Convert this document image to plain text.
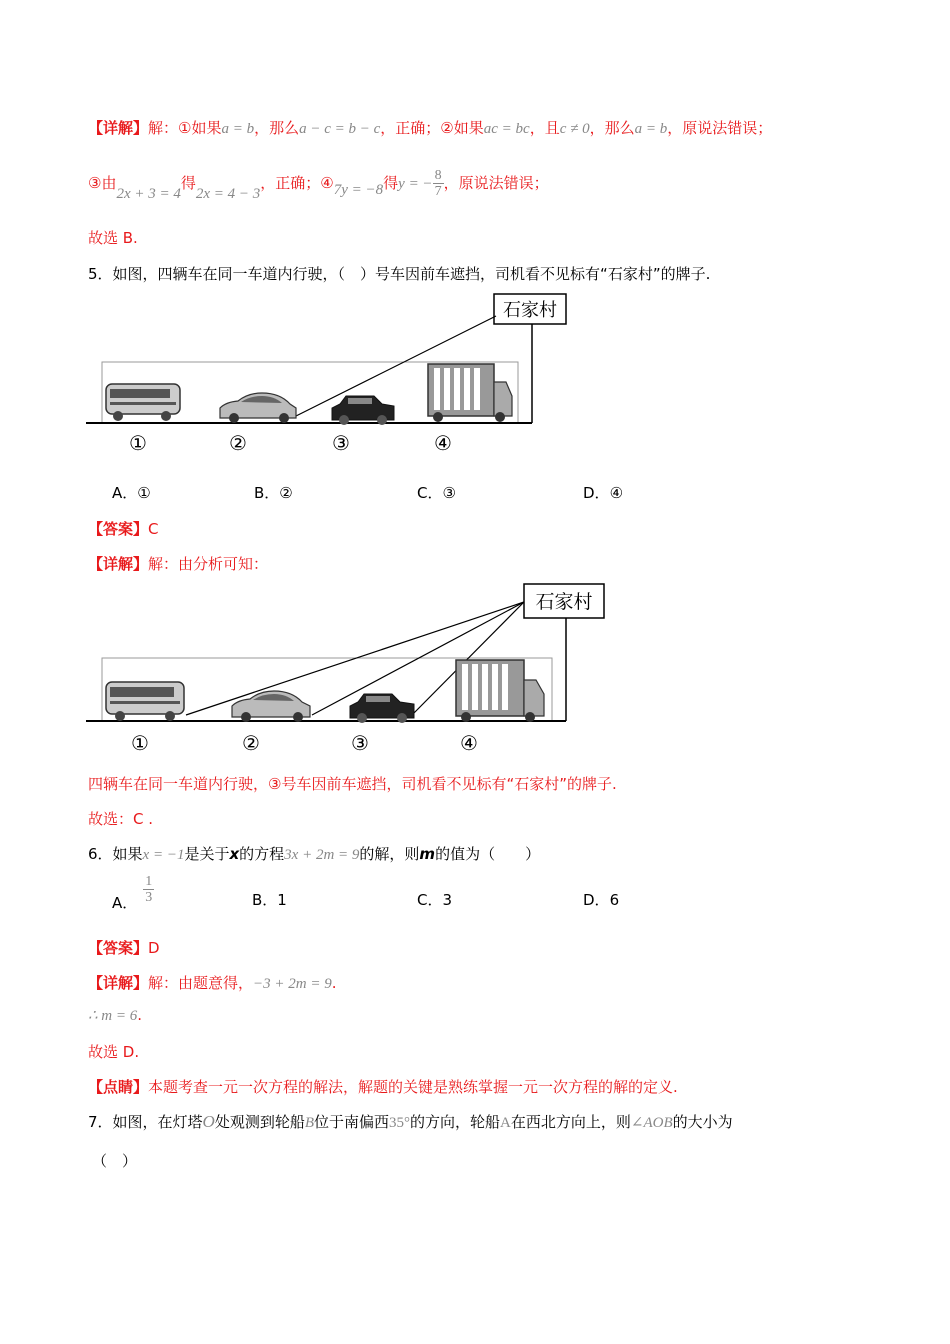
【详解】解：①如果a = b，那么a − c = b − c，正确；②如果ac = bc，且c ≠ 0，那么a = b，原说法错误；
③由2x + 3 = 4得2x = 4 − 3，正确；④7y = −8得y = − $\frac{8}{7}$ ，原说法错误；
故选 B.
5．如图，四辆车在同一车道内行驶，（　）号车因前车遮挡，司机看不见标有“石家村”的牌子.
石家村
①	②	③	④
A．①	B．②	C．③	D．④
【答案】C
【详解】解：由分析可知：
石家村
①	②	③	④
四辆车在同一车道内行驶，③号车因前车遮挡，司机看不见标有“石家村”的牌子.
故选：C .
6．如果x = −1是关于x的方程3x + 2m = 9的解，则m的值为（　　）
A． $\frac{1}{3}$	B．1	C．3	D．6
【答案】D
【详解】解：由题意得，−3 + 2m = 9.
∴ m = 6.
故选 D.
【点睛】本题考查一元一次方程的解法，解题的关键是熟练掌握一元一次方程的解的定义.
7．如图，在灯塔O处观测到轮船B位于南偏西35°的方向，轮船A在西北方向上，则∠AOB的大小为
（　）
